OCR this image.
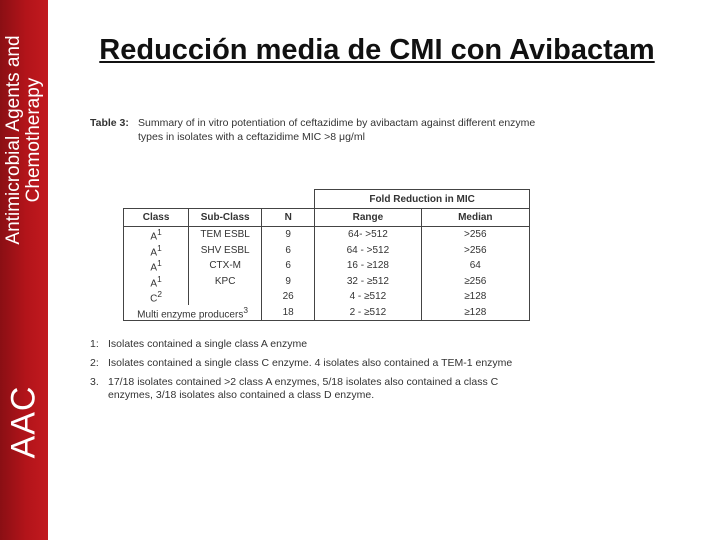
Antimicrobial Agents and Chemotherapy
AAC
Reducción media de CMI con Avibactam
Table 3: Summary of in vitro potentiation of ceftazidime by avibactam against different enzyme types in isolates with a ceftazidime MIC >8 μg/ml
			Fold Reduction in MIC	
Class	Sub-Class	N	Range	Median
$A^1$	TEM ESBL	9	64- >512	>256
$A^1$	SHV ESBL	6	64 - >512	>256
$A^1$	CTX-M	6	16 - ≥128	64
$A^1$	KPC	9	32 - ≥512	≥256
$C^2$		26	4 - ≥512	≥128
Multi enzyme producers$^3$		18	2 - ≥512	≥128
1: Isolates contained a single class A enzyme
2: Isolates contained a single class C enzyme. 4 isolates also contained a TEM-1 enzyme
3. 17/18 isolates contained >2 class A enzymes, 5/18 isolates also contained a class C enzymes, 3/18 isolates also contained a class D enzyme.
